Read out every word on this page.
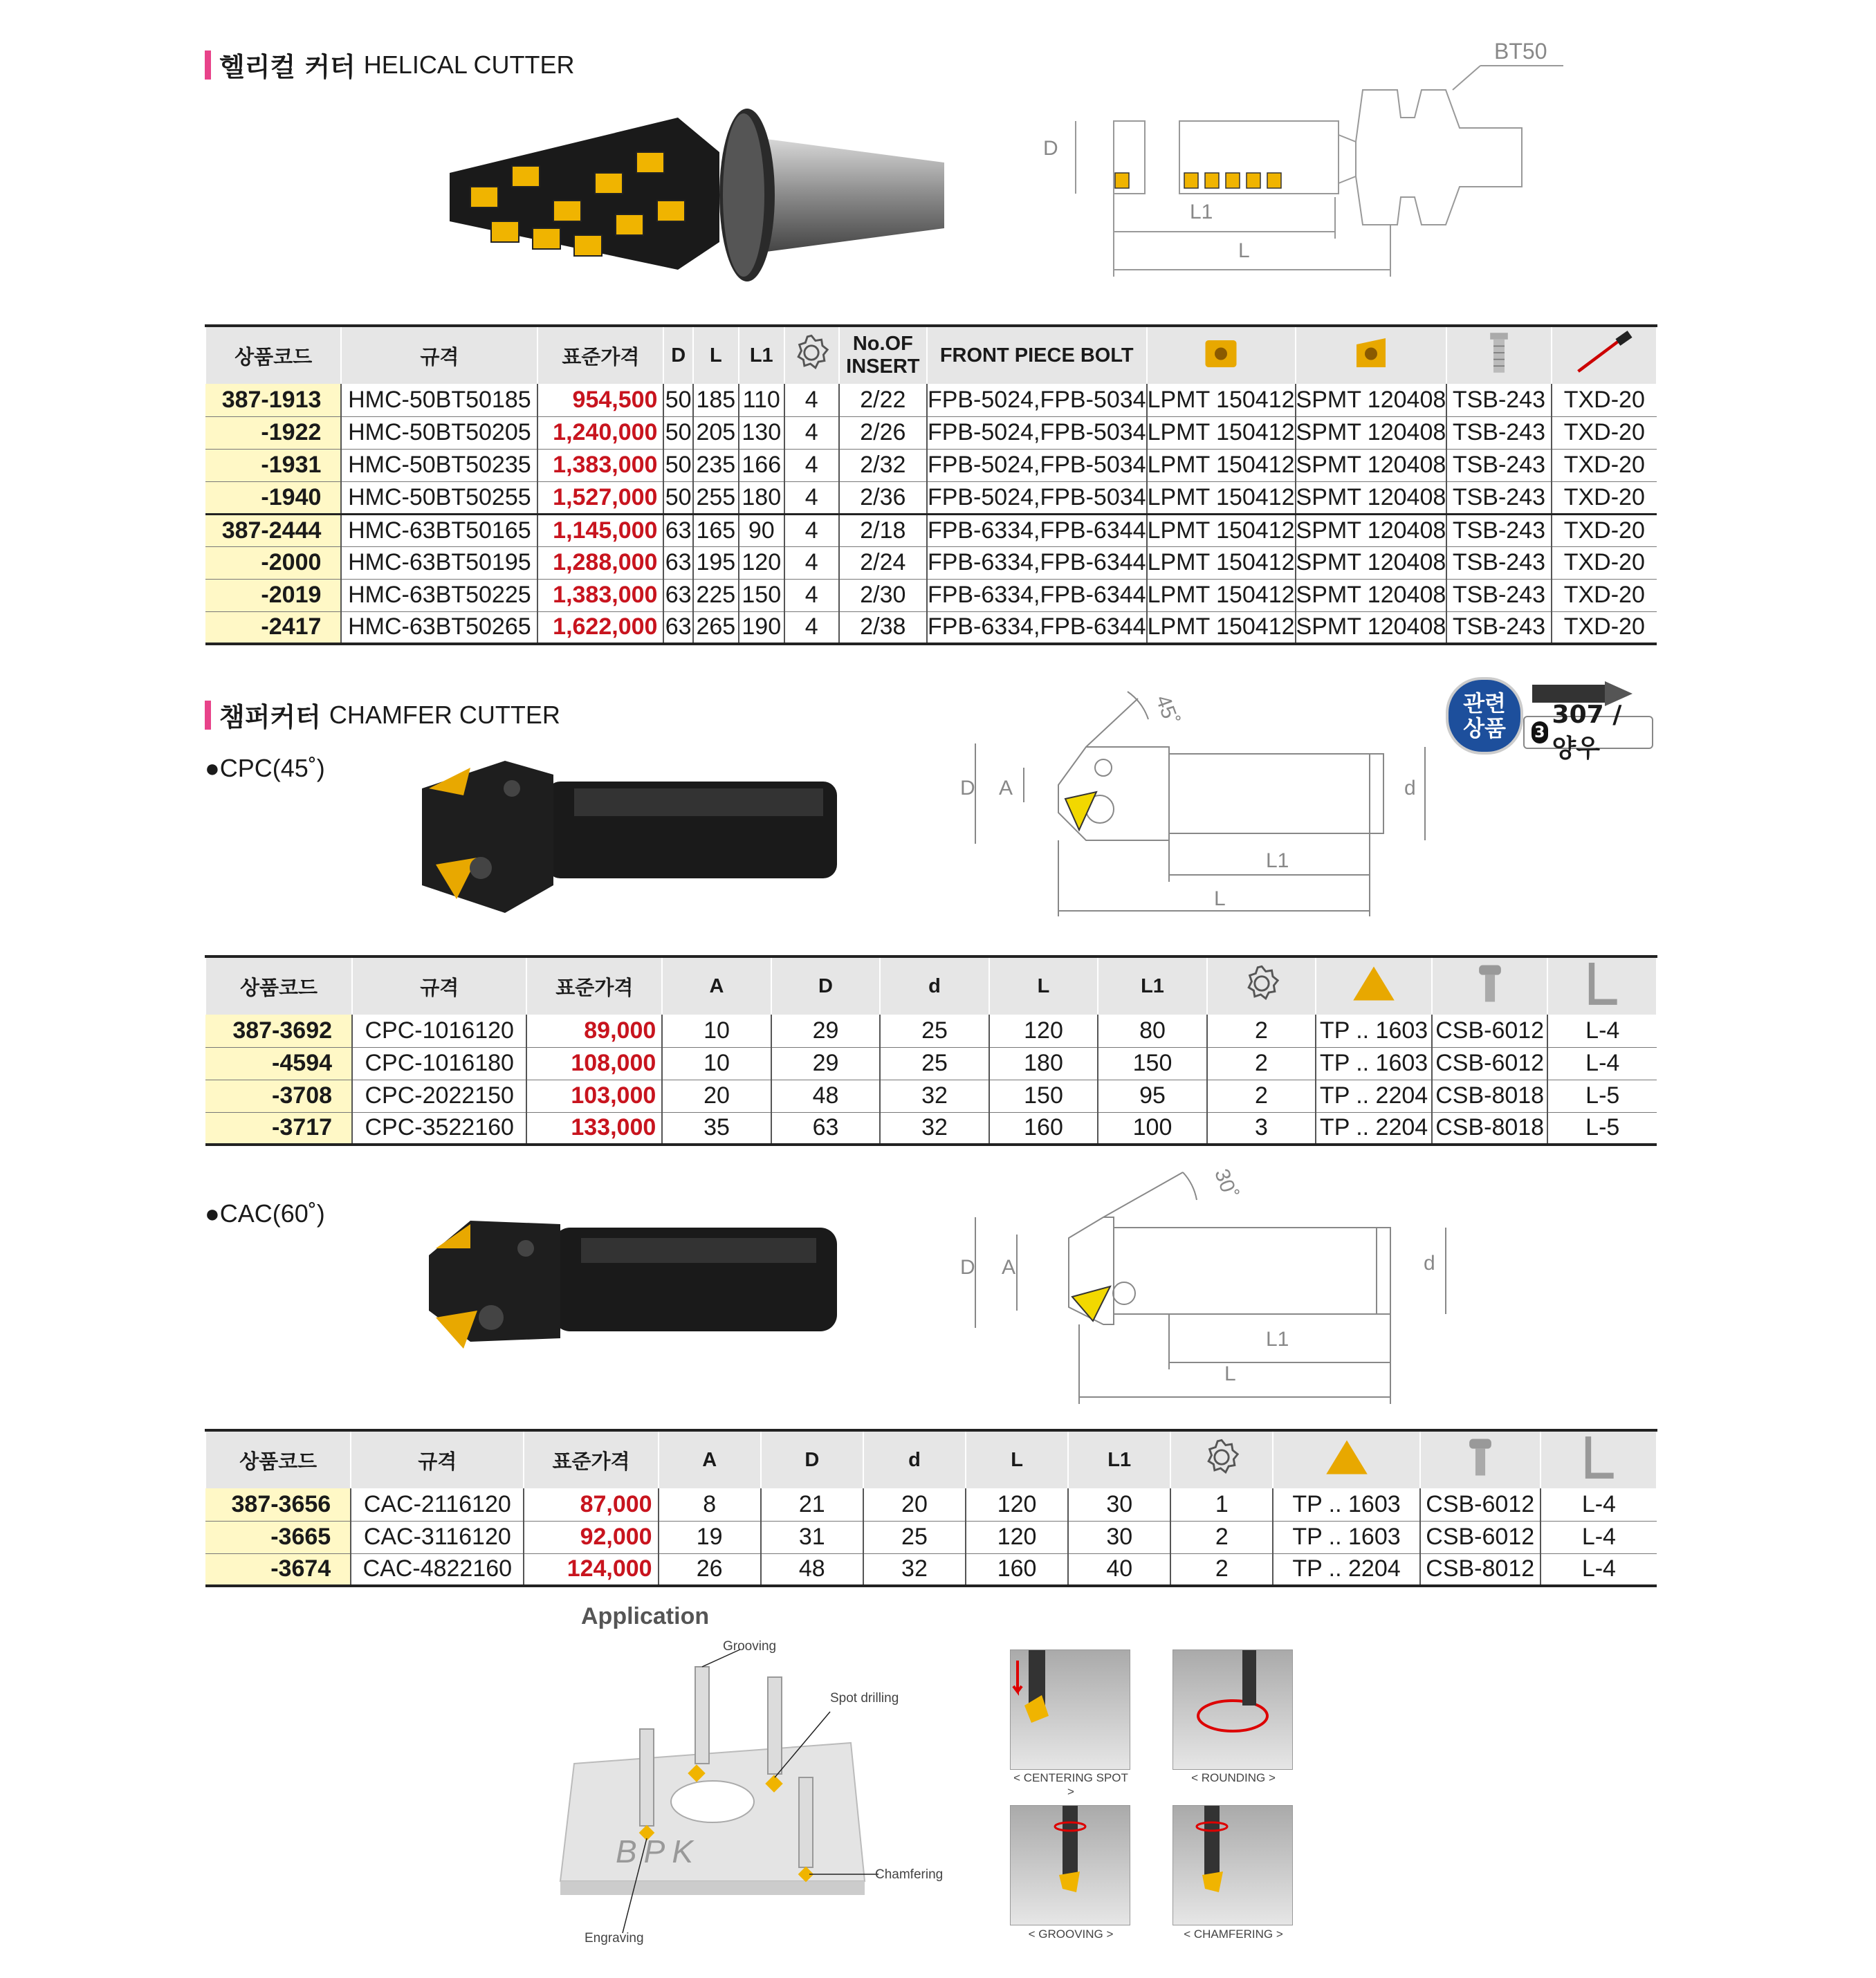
헬리컬 커터 HELICAL CUTTER	BT50
D
L1
L
상품코드	규격	표준가격	D	L	L1		No.OF INSERT	FRONT PIECE BOLT				
387-1913	HMC-50BT50185	954,500	50	185	110	4	2/22	FPB-5024,FPB-5034	LPMT 150412	SPMT 120408	TSB-243	TXD-20
-1922	HMC-50BT50205	1,240,000	50	205	130	4	2/26	FPB-5024,FPB-5034	LPMT 150412	SPMT 120408	TSB-243	TXD-20
-1931	HMC-50BT50235	1,383,000	50	235	166	4	2/32	FPB-5024,FPB-5034	LPMT 150412	SPMT 120408	TSB-243	TXD-20
-1940	HMC-50BT50255	1,527,000	50	255	180	4	2/36	FPB-5024,FPB-5034	LPMT 150412	SPMT 120408	TSB-243	TXD-20
387-2444	HMC-63BT50165	1,145,000	63	165	90	4	2/18	FPB-6334,FPB-6344	LPMT 150412	SPMT 120408	TSB-243	TXD-20
-2000	HMC-63BT50195	1,288,000	63	195	120	4	2/24	FPB-6334,FPB-6344	LPMT 150412	SPMT 120408	TSB-243	TXD-20
-2019	HMC-63BT50225	1,383,000	63	225	150	4	2/30	FPB-6334,FPB-6344	LPMT 150412	SPMT 120408	TSB-243	TXD-20
-2417	HMC-63BT50265	1,622,000	63	265	190	4	2/38	FPB-6334,FPB-6344	LPMT 150412	SPMT 120408	TSB-243	TXD-20
챔퍼커터 CHAMFER CUTTER	관련
상품	3
307 / 양우
●CPC(45˚)
D A	d
L1
L
45˚
상품코드	규격	표준가격	A	D	d	L	L1				
387-3692	CPC-1016120	89,000	10	29	25	120	80	2	TP .. 1603	CSB-6012	L-4
-4594	CPC-1016180	108,000	10	29	25	180	150	2	TP .. 1603	CSB-6012	L-4
-3708	CPC-2022150	103,000	20	48	32	150	95	2	TP .. 2204	CSB-8018	L-5
-3717	CPC-3522160	133,000	35	63	32	160	100	3	TP .. 2204	CSB-8018	L-5
●CAC(60˚)
D A	d
L1
L
30˚
상품코드	규격	표준가격	A	D	d	L	L1				
387-3656	CAC-2116120	87,000	8	21	20	120	30	1	TP .. 1603	CSB-6012	L-4
-3665	CAC-3116120	92,000	19	31	25	120	30	2	TP .. 1603	CSB-6012	L-4
-3674	CAC-4822160	124,000	26	48	32	160	40	2	TP .. 2204	CSB-8012	L-4
Application
BPK
Grooving
Spot drilling
Chamfering
Engraving
< CENTERING SPOT >
< ROUNDING >
< GROOVING >	< CHAMFERING >
